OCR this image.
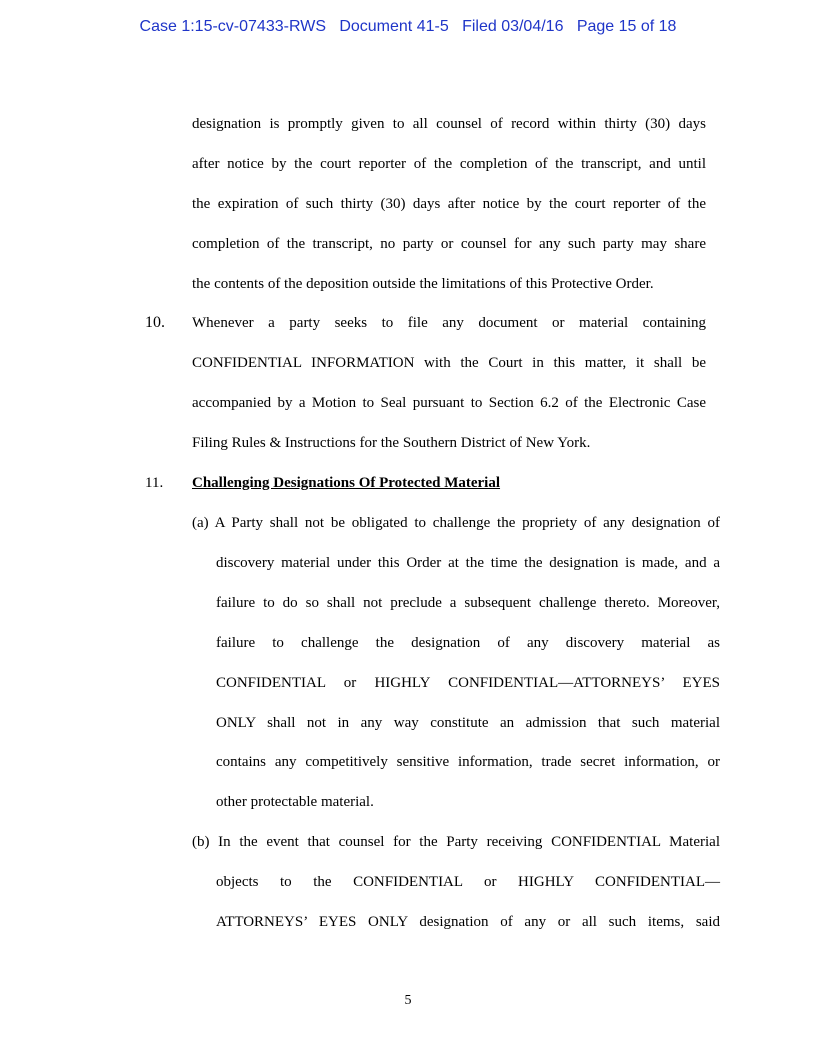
Case 1:15-cv-07433-RWS Document 41-5 Filed 03/04/16 Page 15 of 18
designation is promptly given to all counsel of record within thirty (30) days
after notice by the court reporter of the completion of the transcript, and until
the expiration of such thirty (30) days after notice by the court reporter of the
completion of the transcript, no party or counsel for any such party may share
the contents of the deposition outside the limitations of this Protective Order.
10. Whenever a party seeks to file any document or material containing
CONFIDENTIAL INFORMATION with the Court in this matter, it shall be
accompanied by a Motion to Seal pursuant to Section 6.2 of the Electronic Case
Filing Rules & Instructions for the Southern District of New York.
11. Challenging Designations Of Protected Material
(a) A Party shall not be obligated to challenge the propriety of any designation of
discovery material under this Order at the time the designation is made, and a
failure to do so shall not preclude a subsequent challenge thereto. Moreover,
failure to challenge the designation of any discovery material as
CONFIDENTIAL or HIGHLY CONFIDENTIAL—ATTORNEYS’ EYES
ONLY shall not in any way constitute an admission that such material
contains any competitively sensitive information, trade secret information, or
other protectable material.
(b) In the event that counsel for the Party receiving CONFIDENTIAL Material
objects to the CONFIDENTIAL or HIGHLY CONFIDENTIAL—
ATTORNEYS’ EYES ONLY designation of any or all such items, said
5
